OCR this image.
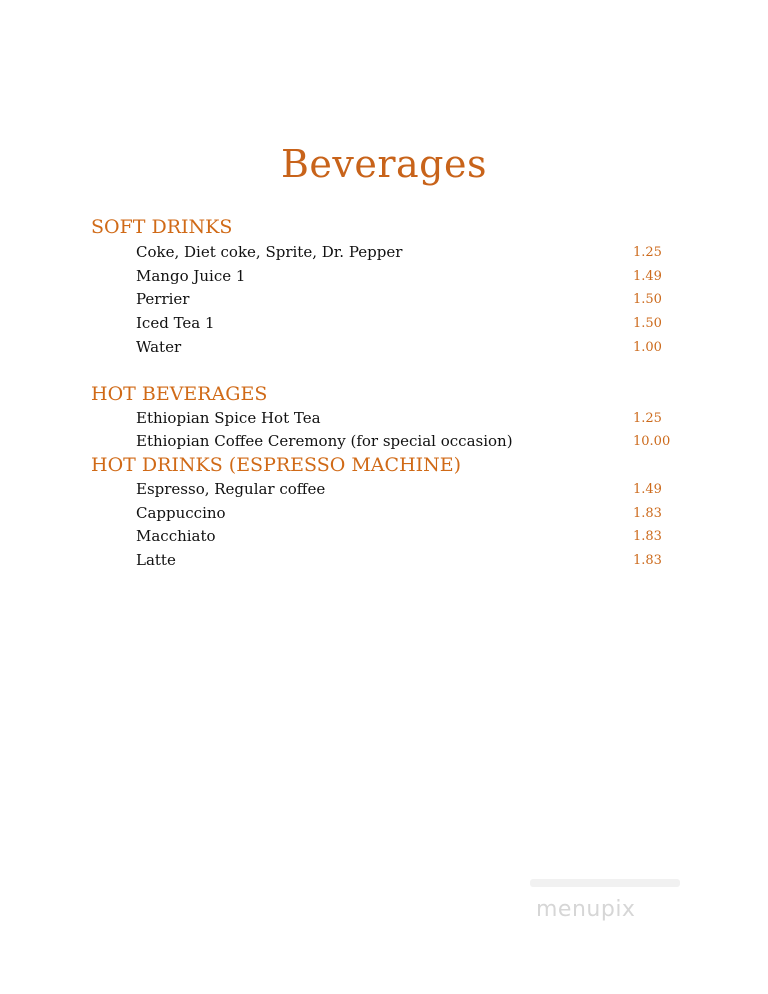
Beverages
SOFT DRINKS
Coke, Diet coke, Sprite, Dr. Pepper	1.25
Mango Juice 1	1.49
Perrier	1.50
Iced Tea 1	1.50
Water	1.00
HOT BEVERAGES
Ethiopian Spice Hot Tea	1.25
Ethiopian Coffee Ceremony (for special occasion)	10.00
HOT DRINKS (ESPRESSO MACHINE)
Espresso, Regular coffee	1.49
Cappuccino	1.83
Macchiato	1.83
Latte	1.83
menupix
